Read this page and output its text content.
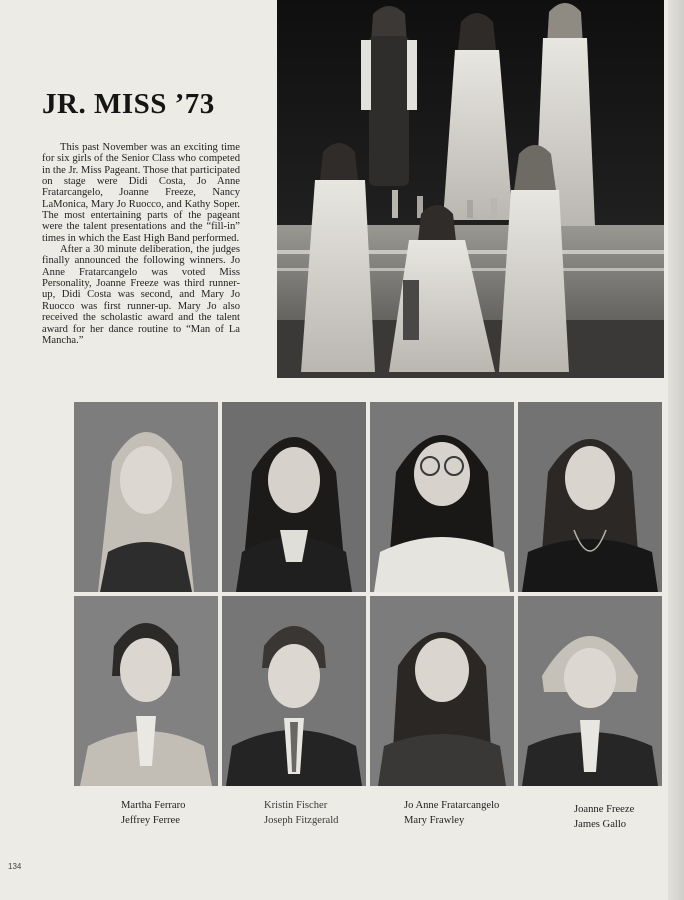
JR. MISS ’73

This past November was an exciting time for six girls of the Senior Class who competed in the Jr. Miss Pageant. Those that participated on stage were Didi Costa, Jo Anne Fratarcangelo, Joanne Freeze, Nancy LaMonica, Mary Jo Ruocco, and Kathy Soper. The most entertaining parts of the pageant were the talent presentations and the “fill-in” times in which the East High Band performed.

After a 30 minute deliberation, the judges finally announced the following winners. Jo Anne Fratarcangelo was voted Miss Personality, Joanne Freeze was third runner-up, Didi Costa was second, and Mary Jo Ruocco was first runner-up. Mary Jo also received the scholastic award and the talent award for her dance routine to “Man of La Mancha.”

Martha Ferraro
Jeffrey Ferree
Kristin Fischer
Joseph Fitzgerald
Jo Anne Fratarcangelo
Mary Frawley
Joanne Freeze
James Gallo
134
